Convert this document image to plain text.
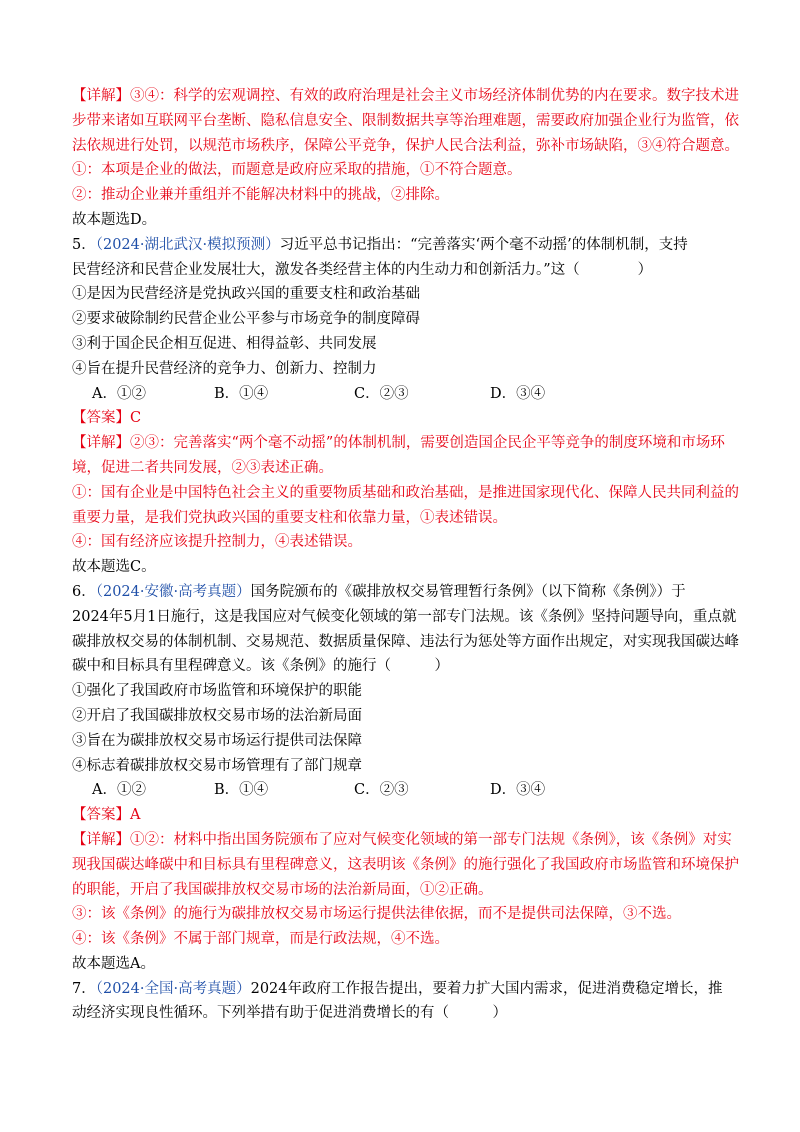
【详解】③④：科学的宏观调控、有效的政府治理是社会主义市场经济体制优势的内在要求。数字技术进
步带来诸如互联网平台垄断、隐私信息安全、限制数据共享等治理难题，需要政府加强企业行为监管，依
法依规进行处罚，以规范市场秩序，保障公平竞争，保护人民合法利益，弥补市场缺陷，③④符合题意。
①：本项是企业的做法，而题意是政府应采取的措施，①不符合题意。
②：推动企业兼并重组并不能解决材料中的挑战，②排除。
故本题选D。
5．（2024·湖北武汉·模拟预测）习近平总书记指出：“完善落实‘两个毫不动摇’的体制机制，支持
民营经济和民营企业发展壮大，激发各类经营主体的内生动力和创新活力。”这（　　　　）
①是因为民营经济是党执政兴国的重要支柱和政治基础
②要求破除制约民营企业公平参与市场竞争的制度障碍
③利于国企民企相互促进、相得益彰、共同发展
④旨在提升民营经济的竞争力、创新力、控制力
A．①②	B．①④	C．②③	D．③④
【答案】C
【详解】②③：完善落实“两个毫不动摇”的体制机制，需要创造国企民企平等竞争的制度环境和市场环
境，促进二者共同发展，②③表述正确。
①：国有企业是中国特色社会主义的重要物质基础和政治基础，是推进国家现代化、保障人民共同利益的
重要力量，是我们党执政兴国的重要支柱和依靠力量，①表述错误。
④：国有经济应该提升控制力，④表述错误。
故本题选C。
6．（2024·安徽·高考真题）国务院颁布的《碳排放权交易管理暂行条例》（以下简称《条例》）于
2024年5月1日施行，这是我国应对气候变化领域的第一部专门法规。该《条例》坚持问题导向，重点就
碳排放权交易的体制机制、交易规范、数据质量保障、违法行为惩处等方面作出规定，对实现我国碳达峰
碳中和目标具有里程碑意义。该《条例》的施行（　　　）
①强化了我国政府市场监管和环境保护的职能
②开启了我国碳排放权交易市场的法治新局面
③旨在为碳排放权交易市场运行提供司法保障
④标志着碳排放权交易市场管理有了部门规章
A．①②	B．①④	C．②③	D．③④
【答案】A
【详解】①②：材料中指出国务院颁布了应对气候变化领域的第一部专门法规《条例》，该《条例》对实
现我国碳达峰碳中和目标具有里程碑意义，这表明该《条例》的施行强化了我国政府市场监管和环境保护
的职能，开启了我国碳排放权交易市场的法治新局面，①②正确。
③：该《条例》的施行为碳排放权交易市场运行提供法律依据，而不是提供司法保障，③不选。
④：该《条例》不属于部门规章，而是行政法规，④不选。
故本题选A。
7．（2024·全国·高考真题）2024年政府工作报告提出，要着力扩大国内需求，促进消费稳定增长，推
动经济实现良性循环。下列举措有助于促进消费增长的有（　　　）
